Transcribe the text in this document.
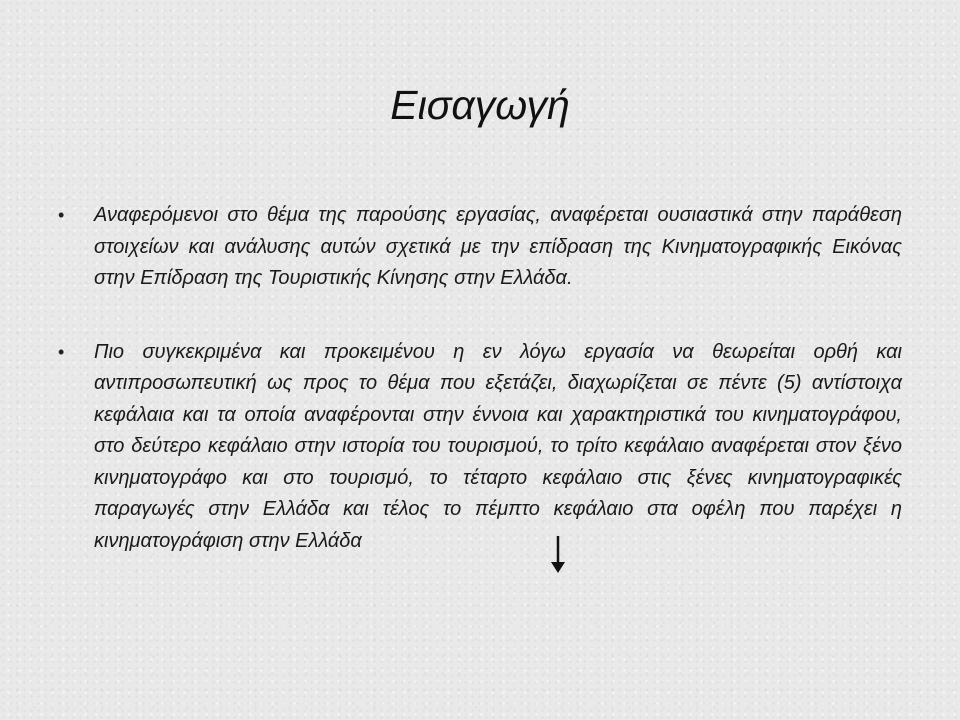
Εισαγωγή
• Αναφερόμενοι στο θέμα της παρούσης εργασίας, αναφέρεται ουσιαστικά στην παράθεση στοιχείων και ανάλυσης αυτών σχετικά με την επίδραση της Κινηματογραφικής Εικόνας στην Επίδραση της Τουριστικής Κίνησης στην Ελλάδα.
• Πιο συγκεκριμένα και προκειμένου η εν λόγω εργασία να θεωρείται ορθή και αντιπροσωπευτική ως προς το θέμα που εξετάζει, διαχωρίζεται σε πέντε (5) αντίστοιχα κεφάλαια και τα οποία αναφέρονται στην έννοια και χαρακτηριστικά του κινηματογράφου, στο δεύτερο κεφάλαιο στην ιστορία του τουρισμού, το τρίτο κεφάλαιο αναφέρεται στον ξένο κινηματογράφο και στο τουρισμό, το τέταρτο κεφάλαιο στις ξένες κινηματογραφικές παραγωγές στην Ελλάδα και τέλος το πέμπτο κεφάλαιο στα οφέλη που παρέχει η κινηματογράφιση στην Ελλάδα
